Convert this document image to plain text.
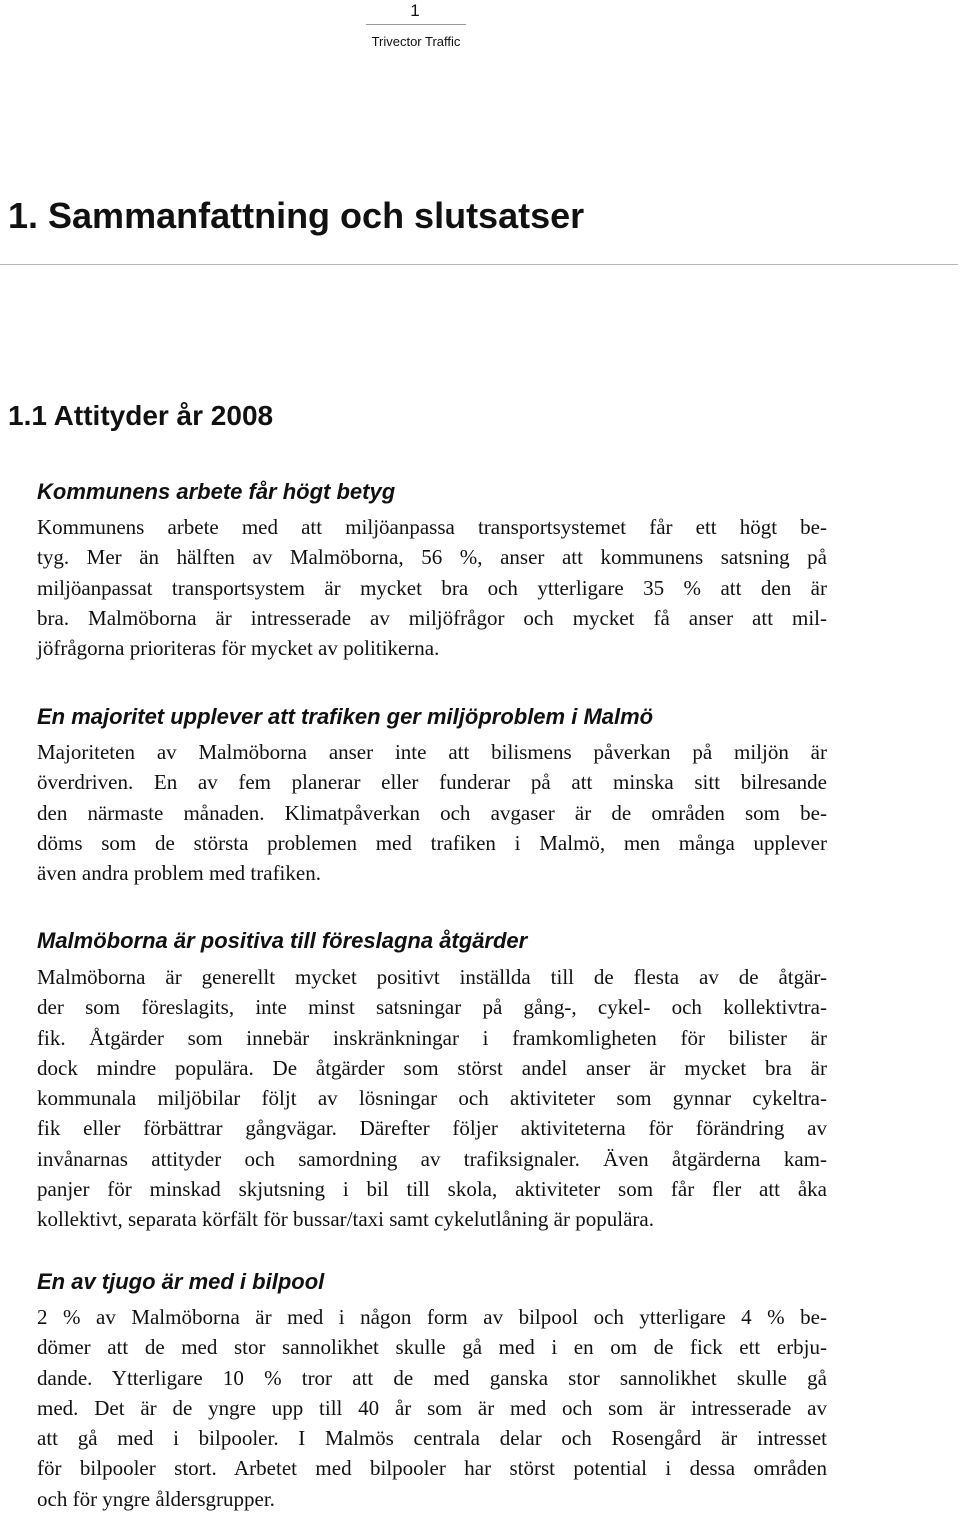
1
Trivector Traffic
1. Sammanfattning och slutsatser
1.1 Attityder år 2008
Kommunens arbete får högt betyg
Kommunens arbete med att miljöanpassa transportsystemet får ett högt be-
tyg. Mer än hälften av Malmöborna, 56 %, anser att kommunens satsning på
miljöanpassat transportsystem är mycket bra och ytterligare 35 % att den är
bra. Malmöborna är intresserade av miljöfrågor och mycket få anser att mil-
jöfrågorna prioriteras för mycket av politikerna.
En majoritet upplever att trafiken ger miljöproblem i Malmö
Majoriteten av Malmöborna anser inte att bilismens påverkan på miljön är
överdriven. En av fem planerar eller funderar på att minska sitt bilresande
den närmaste månaden. Klimatpåverkan och avgaser är de områden som be-
döms som de största problemen med trafiken i Malmö, men många upplever
även andra problem med trafiken.
Malmöborna är positiva till föreslagna åtgärder
Malmöborna är generellt mycket positivt inställda till de flesta av de åtgär-
der som föreslagits, inte minst satsningar på gång-, cykel- och kollektivtra-
fik. Åtgärder som innebär inskränkningar i framkomligheten för bilister är
dock mindre populära. De åtgärder som störst andel anser är mycket bra är
kommunala miljöbilar följt av lösningar och aktiviteter som gynnar cykeltra-
fik eller förbättrar gångvägar. Därefter följer aktiviteterna för förändring av
invånarnas attityder och samordning av trafiksignaler. Även åtgärderna kam-
panjer för minskad skjutsning i bil till skola, aktiviteter som får fler att åka
kollektivt, separata körfält för bussar/taxi samt cykelutlåning är populära.
En av tjugo är med i bilpool
2 % av Malmöborna är med i någon form av bilpool och ytterligare 4 % be-
dömer att de med stor sannolikhet skulle gå med i en om de fick ett erbju-
dande. Ytterligare 10 % tror att de med ganska stor sannolikhet skulle gå
med. Det är de yngre upp till 40 år som är med och som är intresserade av
att gå med i bilpooler. I Malmös centrala delar och Rosengård är intresset
för bilpooler stort. Arbetet med bilpooler har störst potential i dessa områden
och för yngre åldersgrupper.
